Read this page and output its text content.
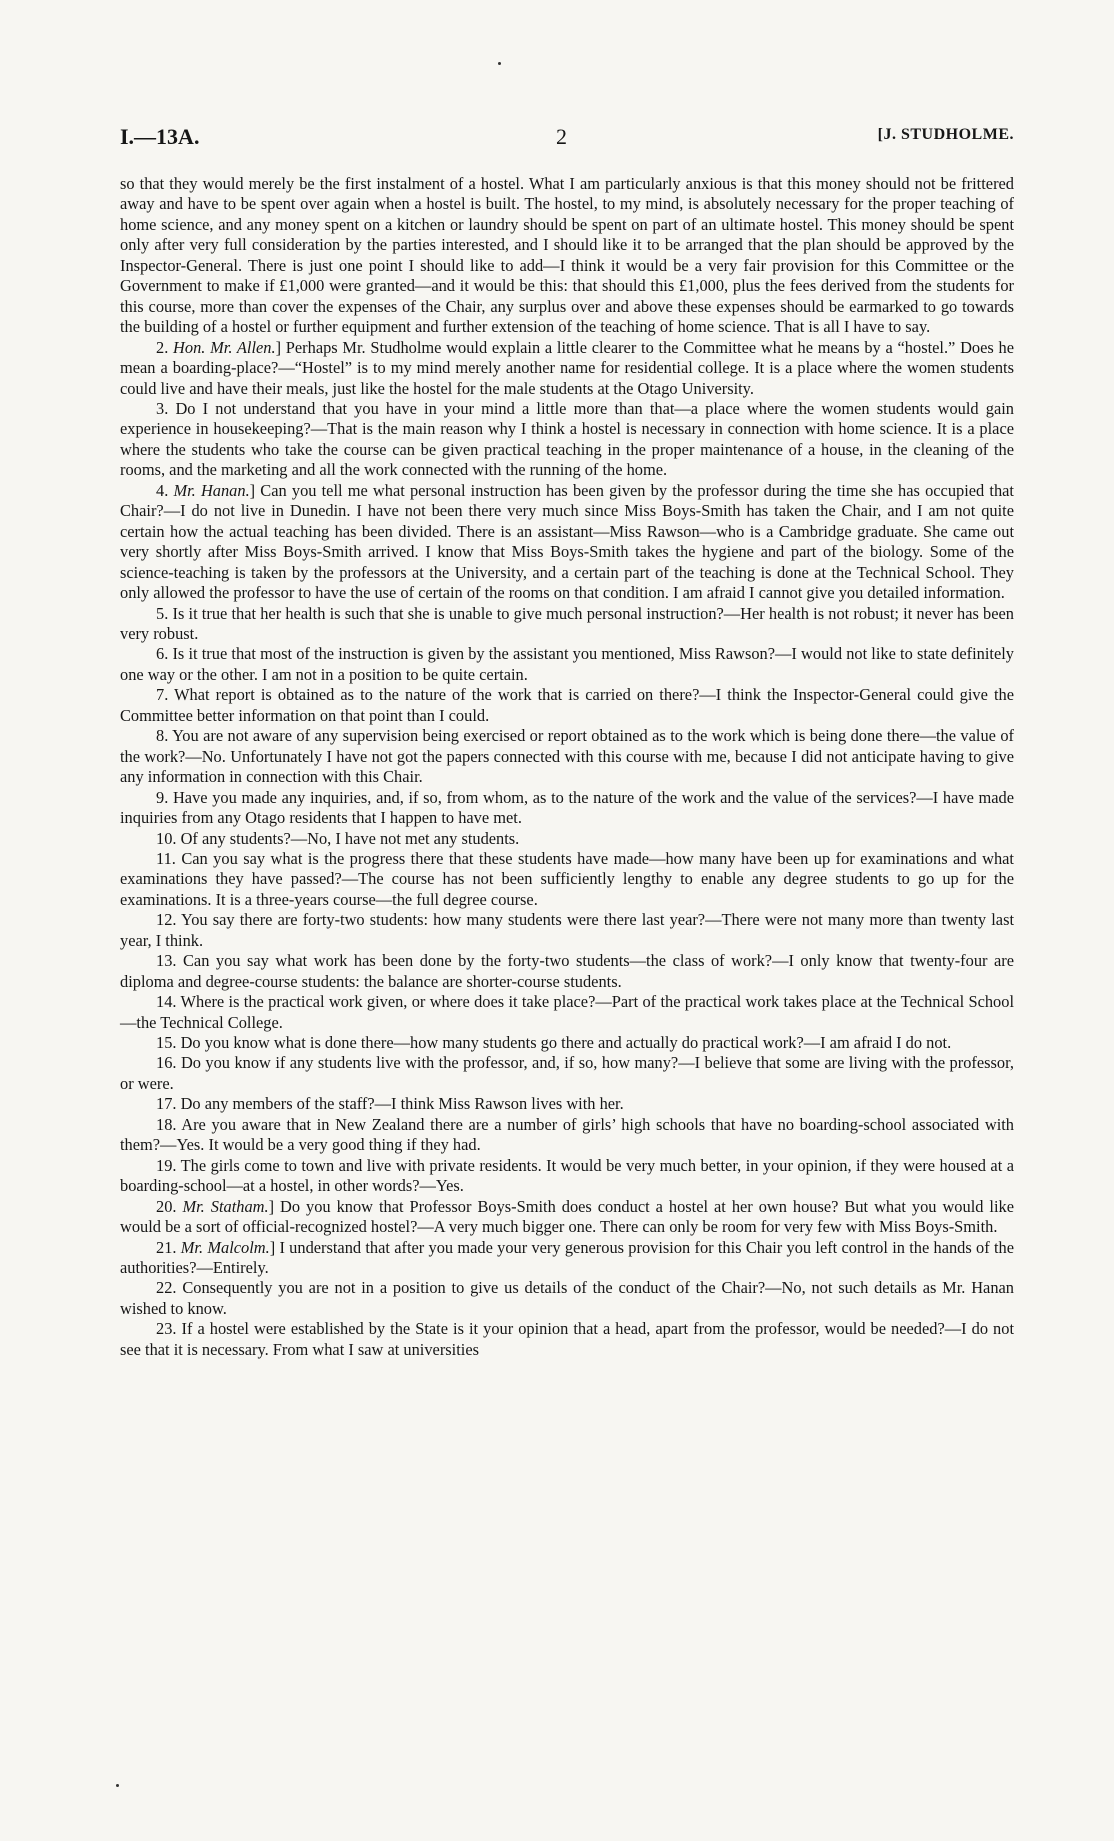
I.—13A.	2	[J. STUDHOLME.

so that they would merely be the first instalment of a hostel. What I am particularly anxious is that this money should not be frittered away and have to be spent over again when a hostel is built. The hostel, to my mind, is absolutely necessary for the proper teaching of home science, and any money spent on a kitchen or laundry should be spent on part of an ultimate hostel. This money should be spent only after very full consideration by the parties interested, and I should like it to be arranged that the plan should be approved by the Inspector-General. There is just one point I should like to add—I think it would be a very fair provision for this Committee or the Government to make if £1,000 were granted—and it would be this: that should this £1,000, plus the fees derived from the students for this course, more than cover the expenses of the Chair, any surplus over and above these expenses should be earmarked to go towards the building of a hostel or further equipment and further extension of the teaching of home science. That is all I have to say.

2. Hon. Mr. Allen.] Perhaps Mr. Studholme would explain a little clearer to the Committee what he means by a “hostel.” Does he mean a boarding-place?—“Hostel” is to my mind merely another name for residential college. It is a place where the women students could live and have their meals, just like the hostel for the male students at the Otago University.

3. Do I not understand that you have in your mind a little more than that—a place where the women students would gain experience in housekeeping?—That is the main reason why I think a hostel is necessary in connection with home science. It is a place where the students who take the course can be given practical teaching in the proper maintenance of a house, in the cleaning of the rooms, and the marketing and all the work connected with the running of the home.

4. Mr. Hanan.] Can you tell me what personal instruction has been given by the professor during the time she has occupied that Chair?—I do not live in Dunedin. I have not been there very much since Miss Boys-Smith has taken the Chair, and I am not quite certain how the actual teaching has been divided. There is an assistant—Miss Rawson—who is a Cambridge graduate. She came out very shortly after Miss Boys-Smith arrived. I know that Miss Boys-Smith takes the hygiene and part of the biology. Some of the science-teaching is taken by the professors at the University, and a certain part of the teaching is done at the Technical School. They only allowed the professor to have the use of certain of the rooms on that condition. I am afraid I cannot give you detailed information.

5. Is it true that her health is such that she is unable to give much personal instruction?—Her health is not robust; it never has been very robust.

6. Is it true that most of the instruction is given by the assistant you mentioned, Miss Rawson?—I would not like to state definitely one way or the other. I am not in a position to be quite certain.

7. What report is obtained as to the nature of the work that is carried on there?—I think the Inspector-General could give the Committee better information on that point than I could.

8. You are not aware of any supervision being exercised or report obtained as to the work which is being done there—the value of the work?—No. Unfortunately I have not got the papers connected with this course with me, because I did not anticipate having to give any information in connection with this Chair.

9. Have you made any inquiries, and, if so, from whom, as to the nature of the work and the value of the services?—I have made inquiries from any Otago residents that I happen to have met.

10. Of any students?—No, I have not met any students.

11. Can you say what is the progress there that these students have made—how many have been up for examinations and what examinations they have passed?—The course has not been sufficiently lengthy to enable any degree students to go up for the examinations. It is a three-years course—the full degree course.

12. You say there are forty-two students: how many students were there last year?—There were not many more than twenty last year, I think.

13. Can you say what work has been done by the forty-two students—the class of work?—I only know that twenty-four are diploma and degree-course students: the balance are shorter-course students.

14. Where is the practical work given, or where does it take place?—Part of the practical work takes place at the Technical School—the Technical College.

15. Do you know what is done there—how many students go there and actually do practical work?—I am afraid I do not.

16. Do you know if any students live with the professor, and, if so, how many?—I believe that some are living with the professor, or were.

17. Do any members of the staff?—I think Miss Rawson lives with her.

18. Are you aware that in New Zealand there are a number of girls’ high schools that have no boarding-school associated with them?—Yes. It would be a very good thing if they had.

19. The girls come to town and live with private residents. It would be very much better, in your opinion, if they were housed at a boarding-school—at a hostel, in other words?—Yes.

20. Mr. Statham.] Do you know that Professor Boys-Smith does conduct a hostel at her own house? But what you would like would be a sort of official-recognized hostel?—A very much bigger one. There can only be room for very few with Miss Boys-Smith.

21. Mr. Malcolm.] I understand that after you made your very generous provision for this Chair you left control in the hands of the authorities?—Entirely.

22. Consequently you are not in a position to give us details of the conduct of the Chair?—No, not such details as Mr. Hanan wished to know.

23. If a hostel were established by the State is it your opinion that a head, apart from the professor, would be needed?—I do not see that it is necessary. From what I saw at universities
